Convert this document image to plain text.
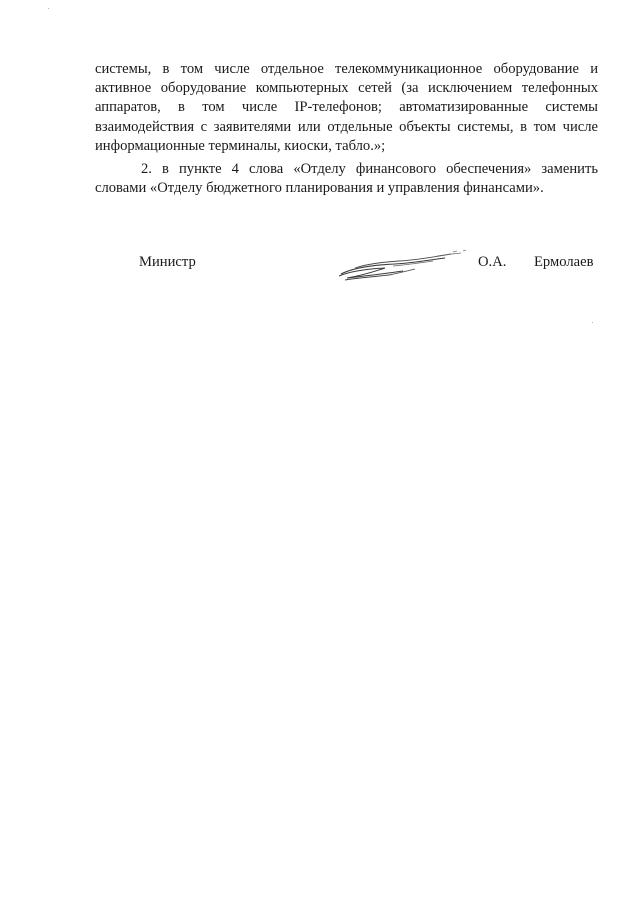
системы, в том числе отдельное телекоммуникационное оборудование и
активное оборудование компьютерных сетей (за исключением телефонных
аппаратов, в том числе IP-телефонов; автоматизированные системы
взаимодействия с заявителями или отдельные объекты системы, в том числе
информационные терминалы, киоски, табло.»;

2. в пункте 4 слова «Отделу финансового обеспечения» заменить
словами «Отделу бюджетного планирования и управления финансами».

Министр	О.А. Ермолаев
